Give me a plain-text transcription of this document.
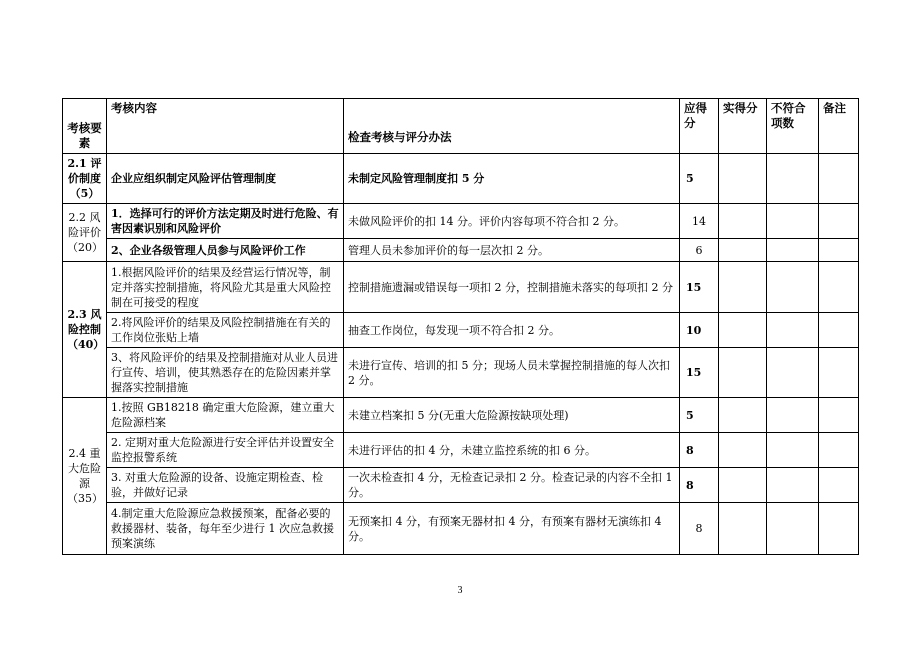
考核要素	考核内容	检查考核与评分办法	应得分	实得分	不符合项数	备注
2.1 评价制度（5）	企业应组织制定风险评估管理制度	未制定风险管理制度扣 5 分	5			
2.2 风险评价（20）	1．选择可行的评价方法定期及时进行危险、有害因素识别和风险评价	未做风险评价的扣 14 分。评价内容每项不符合扣 2 分。	14			
	2、企业各级管理人员参与风险评价工作	管理人员未参加评价的每一层次扣 2 分。	6			
2.3 风险控制（40）	1.根据风险评价的结果及经营运行情况等，制定并落实控制措施，将风险尤其是重大风险控制在可接受的程度	控制措施遗漏或错误每一项扣 2 分，控制措施未落实的每项扣 2 分	15			
	2.将风险评价的结果及风险控制措施在有关的工作岗位张贴上墙	抽查工作岗位，每发现一项不符合扣 2 分。	10			
	3、将风险评价的结果及控制措施对从业人员进行宣传、培训，使其熟悉存在的危险因素并掌握落实控制措施	未进行宣传、培训的扣 5 分；现场人员未掌握控制措施的每人次扣 2 分。	15			
2.4 重大危险源（35）	1.按照 GB18218 确定重大危险源，建立重大危险源档案	未建立档案扣 5 分(无重大危险源按缺项处理)	5			
	2. 定期对重大危险源进行安全评估并设置安全监控报警系统	未进行评估的扣 4 分，未建立监控系统的扣 6 分。	8			
	3. 对重大危险源的设备、设施定期检查、检验，并做好记录	一次未检查扣 4 分，无检查记录扣 2 分。检查记录的内容不全扣 1 分。	8			
	4.制定重大危险源应急救援预案，配备必要的救援器材、装备，每年至少进行 1 次应急救援预案演练	无预案扣 4 分，有预案无器材扣 4 分，有预案有器材无演练扣 4 分。	8			
3
